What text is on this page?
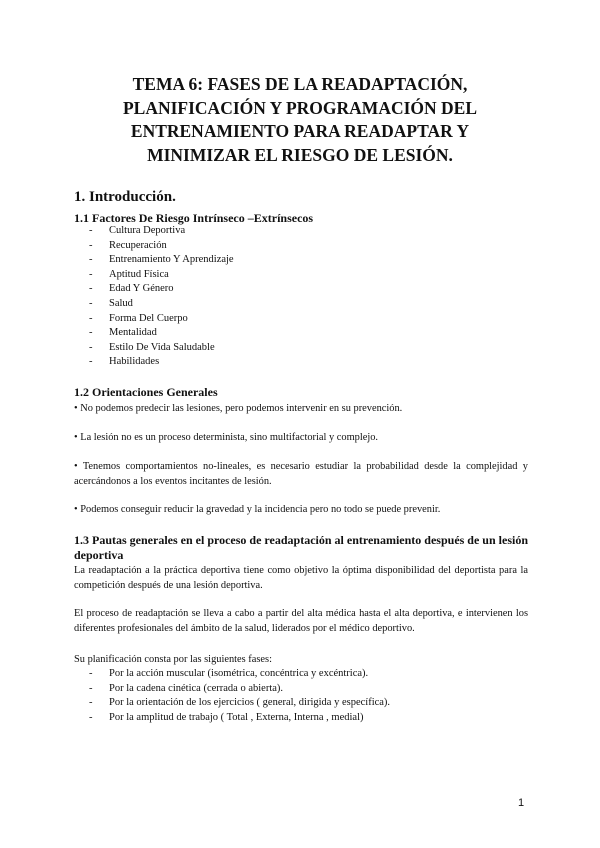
TEMA 6: FASES DE LA READAPTACIÓN,
PLANIFICACIÓN Y PROGRAMACIÓN DEL
ENTRENAMIENTO PARA READAPTAR Y
MINIMIZAR EL RIESGO DE LESIÓN.
1. Introducción.
1.1 Factores De Riesgo Intrínseco –Extrínsecos
- Cultura Deportiva
- Recuperación
- Entrenamiento Y Aprendizaje
- Aptitud Física
- Edad Y Género
- Salud
- Forma Del Cuerpo
- Mentalidad
- Estilo De Vida Saludable
- Habilidades
1.2 Orientaciones Generales

• No podemos predecir las lesiones, pero podemos intervenir en su prevención.

• La lesión no es un proceso determinista, sino multifactorial y complejo.

• Tenemos comportamientos no-lineales, es necesario estudiar la probabilidad desde la complejidad y acercándonos a los eventos incitantes de lesión.

• Podemos conseguir reducir la gravedad y la incidencia pero no todo se puede prevenir.

1.3 Pautas generales en el proceso de readaptación al entrenamiento después de un lesión deportiva

La readaptación a la práctica deportiva tiene como objetivo la óptima disponibilidad del deportista para la competición después de una lesión deportiva.

El proceso de readaptación se lleva a cabo a partir del alta médica hasta el alta deportiva, e intervienen los diferentes profesionales del ámbito de la salud, liderados por el médico deportivo.

Su planificación consta por las siguientes fases:

- Por la acción muscular (isométrica, concéntrica y excéntrica).
- Por la cadena cinética (cerrada o abierta).
- Por la orientación de los ejercicios ( general, dirigida y específica).
- Por la amplitud de trabajo ( Total , Externa, Interna , medial)
1
